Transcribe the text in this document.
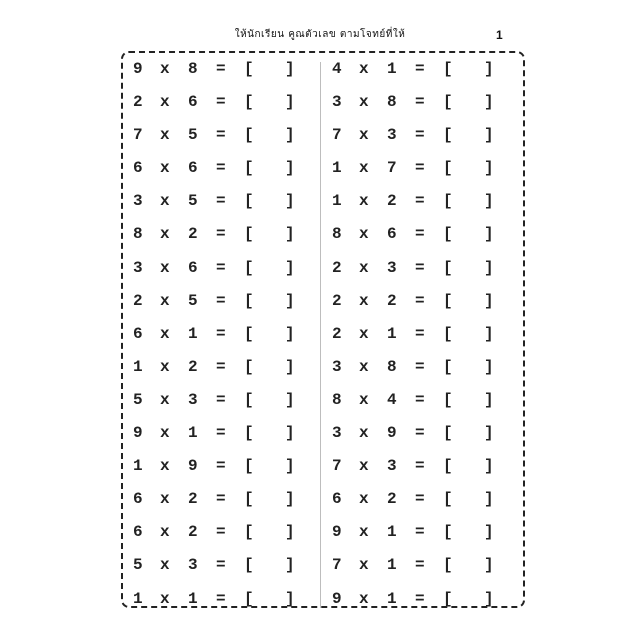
ให้นักเรียน คูณตัวเลข ตามโจทย์ที่ให้	1
9 x 8 = [ ]
2 x 6 = [ ]
7 x 5 = [ ]
6 x 6 = [ ]
3 x 5 = [ ]
8 x 2 = [ ]
3 x 6 = [ ]
2 x 5 = [ ]
6 x 1 = [ ]
1 x 2 = [ ]
5 x 3 = [ ]
9 x 1 = [ ]
1 x 9 = [ ]
6 x 2 = [ ]
6 x 2 = [ ]
5 x 3 = [ ]
1 x 1 = [ ]
4 x 1 = [ ]
3 x 8 = [ ]
7 x 3 = [ ]
1 x 7 = [ ]
1 x 2 = [ ]
8 x 6 = [ ]
2 x 3 = [ ]
2 x 2 = [ ]
2 x 1 = [ ]
3 x 8 = [ ]
8 x 4 = [ ]
3 x 9 = [ ]
7 x 3 = [ ]
6 x 2 = [ ]
9 x 1 = [ ]
7 x 1 = [ ]
9 x 1 = [ ]
